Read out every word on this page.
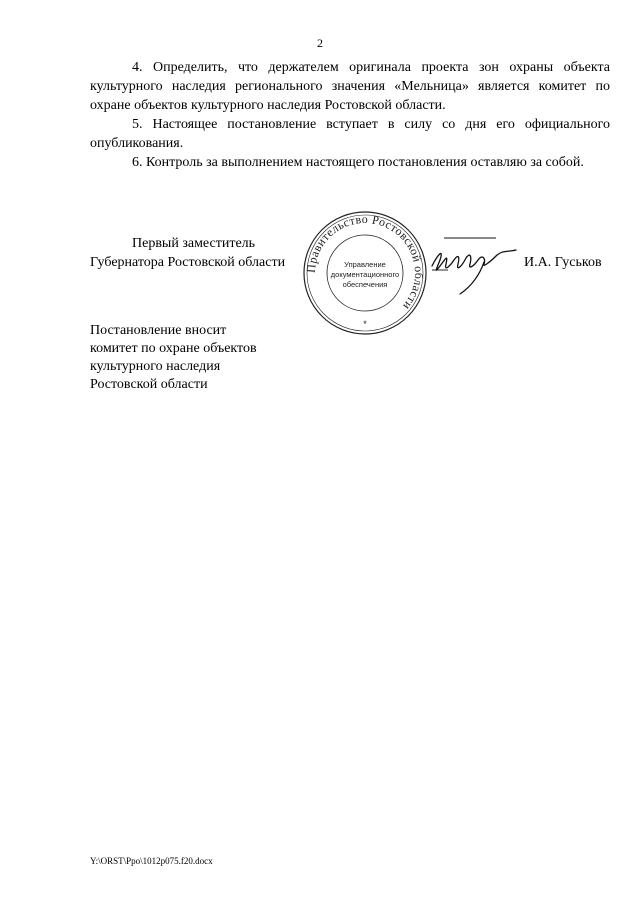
2

4. Определить, что держателем оригинала проекта зон охраны объекта культурного наследия регионального значения «Мельница» является комитет по охране объектов культурного наследия Ростовской области.

5. Настоящее постановление вступает в силу со дня его официального опубликования.

6. Контроль за выполнением настоящего постановления оставляю за собой.

Первый заместитель
Губернатора Ростовской области Правительство Ростовской области
Управление
документационного
обеспечения
*
И.А. Гуськов
Постановление вносит
комитет по охране объектов
культурного наследия
Ростовской области
Y:\ORST\Ppo\1012p075.f20.docx
